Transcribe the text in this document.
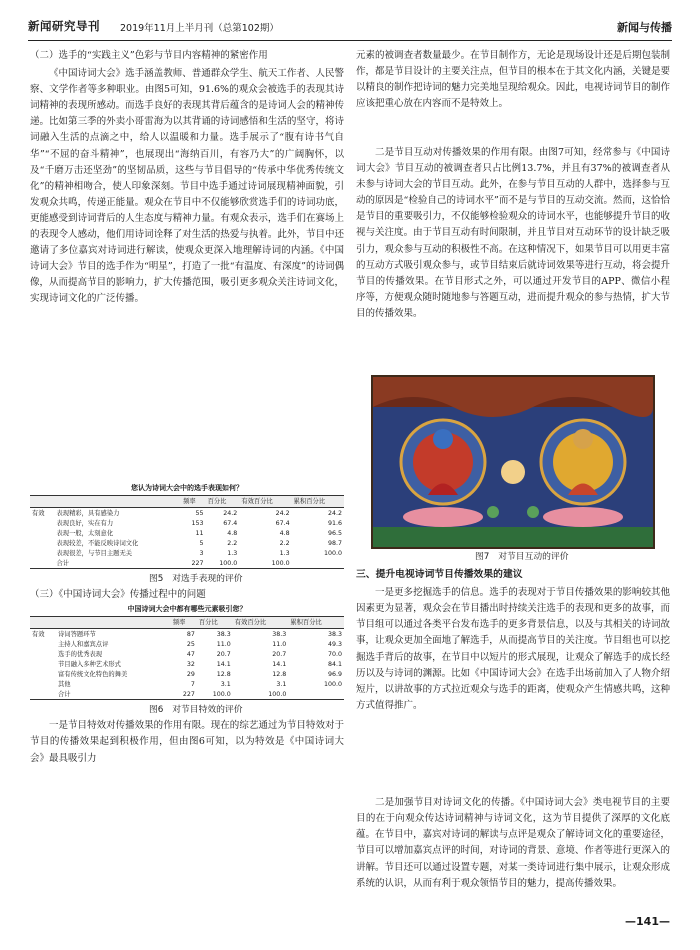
新闻研究导刊 2019年11月上半月刊（总第102期）	新闻与传播

（二）选手的“实践主义”色彩与节目内容精神的紧密作用

《中国诗词大会》选手涵盖教师、普通群众学生、航天工作者、人民警察、文学作者等多种职业。由图5可知，91.6%的观众会被选手的表现其诗词精神的表现所感动。而选手良好的表现其背后蕴含的是诗词人会的精神传递。比如第三季的外卖小哥雷海为以其背诵的诗词感悟和生活的坚守，将诗词融入生活的点滴之中，给人以温暖和力量。选手展示了“腹有诗书气自华”“不屈的奋斗精神”，也展现出“海纳百川，有容乃大”的广阔胸怀，以及“千磨万击还坚劲”的坚韧品质，这些与节目倡导的“传承中华优秀传统文化”的精神相吻合，使人印象深刻。节目中选手通过诗词展现精神面貌，引发观众共鸣，传递正能量。观众在节目中不仅能够欣赏选手们的诗词功底，更能感受到诗词背后的人生态度与精神力量。有观众表示，选手们在赛场上的表现令人感动，他们用诗词诠释了对生活的热爱与执着。此外，节目中还邀请了多位嘉宾对诗词进行解读，使观众更深入地理解诗词的内涵。《中国诗词大会》节目的选手作为“明星”，打造了一批“有温度、有深度”的诗词偶像，从而提高节目的影响力，扩大传播范围，吸引更多观众关注诗词文化，实现诗词文化的广泛传播。

您认为诗词大会中的选手表现如何？
		频率	百分比	有效百分比	累积百分比
有效	表现精彩，具有感染力	55	24.2	24.2	24.2
	表现良好，实在有力	153	67.4	67.4	91.6
	表现一般，太刻意化	11	4.8	4.8	96.5
	表现较差，不能反映诗词文化	5	2.2	2.2	98.7
	表现很差，与节目主题无关	3	1.3	1.3	100.0
	合计	227	100.0	100.0	

图5　对选手表现的评价

（三）《中国诗词大会》传播过程中的问题

中国诗词大会中都有哪些元素吸引您？
		频率	百分比	有效百分比	累积百分比
有效	诗词答题环节	87	38.3	38.3	38.3
	主持人和嘉宾点评	25	11.0	11.0	49.3
	选手的优秀表现	47	20.7	20.7	70.0
	节目融入多种艺术形式	32	14.1	14.1	84.1
	富有传统文化特色的舞美	29	12.8	12.8	96.9
	其他	7	3.1	3.1	100.0
	合计	227	100.0	100.0	

图6　对节目特效的评价

一是节目特效对传播效果的作用有限。现在的综艺通过为节目特效对于节目的传播效果起到积极作用，但由图6可知，以为特效是《中国诗词大会》最具吸引力

元素的被调查者数量最少。在节目制作方，无论是现场设计还是后期包装制作，都是节目设计的主要关注点，但节目的根本在于其文化内涵，关键是要以精良的制作把诗词的魅力完美地呈现给观众。因此，电视诗词节目的制作应该把重心放在内容而不是特效上。

二是节目互动对传播效果的作用有限。由图7可知，经常参与《中国诗词大会》节目互动的被调查者只占比例13.7%，并且有37%的被调查者从未参与诗词大会的节目互动。此外，在参与节目互动的人群中，选择参与互动的原因是“检验自己的诗词水平”而不是与节目的互动交流。然而，这恰恰是节目的重要吸引力，不仅能够检验观众的诗词水平，也能够提升节目的收视与关注度。由于节目互动有时间限制，并且节目对互动环节的设计缺乏吸引力，观众参与互动的积极性不高。在这种情况下，如果节目可以用更丰富的互动方式吸引观众参与，或节目结束后就诗词效果等进行互动，将会提升节目的传播效果。在节目形式之外，可以通过开发节目的APP、微信小程序等，方便观众随时随地参与答题互动，进而提升观众的参与热情，扩大节目的传播效果。

图7　对节目互动的评价

三、提升电视诗词节目传播效果的建议

一是更多挖掘选手的信息。选手的表现对于节目传播效果的影响较其他因素更为显著，观众会在节目播出时持续关注选手的表现和更多的故事，而节目组可以通过各类平台发布选手的更多背景信息，以及与其相关的诗词故事，让观众更加全面地了解选手，从而提高节目的关注度。节目组也可以挖掘选手背后的故事，在节目中以短片的形式展现，让观众了解选手的成长经历以及与诗词的渊源。比如《中国诗词大会》在选手出场前加入了人物介绍短片，以讲故事的方式拉近观众与选手的距离，使观众产生情感共鸣，这种方式值得推广。

二是加强节目对诗词文化的传播。《中国诗词大会》类电视节目的主要目的在于向观众传达诗词精神与诗词文化，这为节目提供了深厚的文化底蕴。在节目中，嘉宾对诗词的解读与点评是观众了解诗词文化的重要途径，节目可以增加嘉宾点评的时间，对诗词的背景、意境、作者等进行更深入的讲解。节目还可以通过设置专题，对某一类诗词进行集中展示，让观众形成系统的认识，从而有利于观众领悟节目的魅力，提高传播效果。

—141—
